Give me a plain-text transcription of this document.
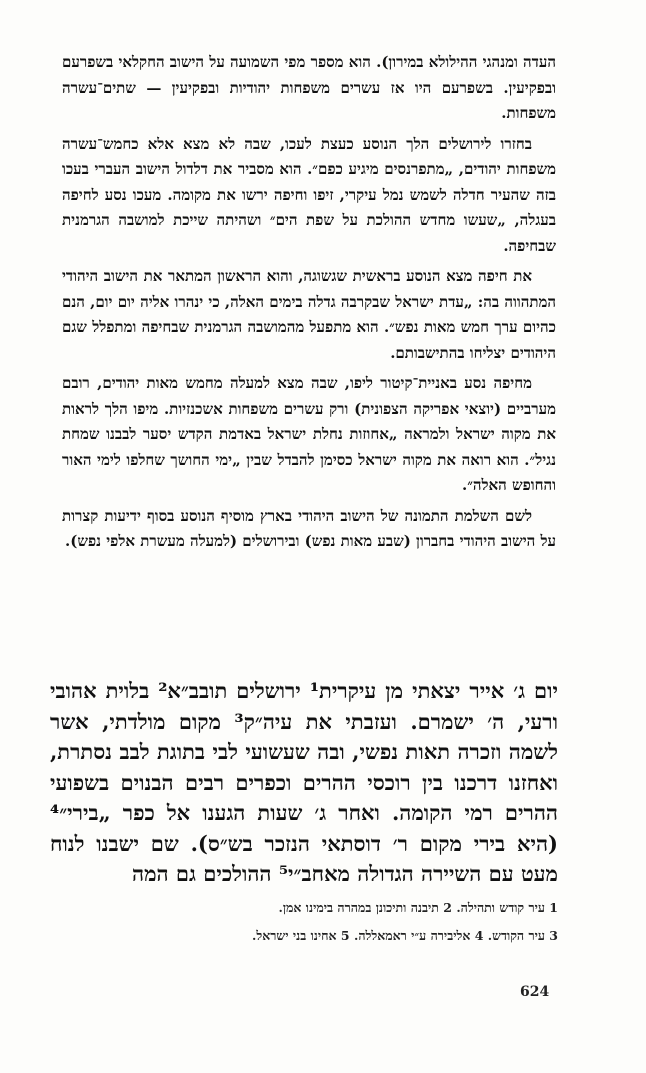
העדה ומנהגי ההילולא במירון). הוא מספר מפי השמועה על הישוב החקלאי בשפרעם ובפקיעין. בשפרעם היו אז עשרים משפחות יהודיות ובפקיעין — שתים־עשרה משפחות.

בחזרו לירושלים הלך הנוסע כעצת לעכו, שבה לא מצא אלא כחמש־עשרה משפחות יהודים, „מתפרנסים מיגיע כפם״. הוא מסביר את דלדול הישוב העברי בעכו בזה שהעיר חדלה לשמש נמל עיקרי, זיפו וחיפה ירשו את מקומה. מעכו נסע לחיפה בעגלה, „שעשו מחדש ההולכת על שפת הים״ ושהיתה שייכת למושבה הגרמנית שבחיפה.

את חיפה מצא הנוסע בראשית שגשוגה, והוא הראשון המתאר את הישוב היהודי המתהווה בה: „עדת ישראל שבקרבה גדלה בימים האלה, כי ינהרו אליה יום יום, הנם כהיום ערך חמש מאות נפש״. הוא מתפעל מהמושבה הגרמנית שבחיפה ומתפלל שגם היהודים יצליחו בהתישבותם.

מחיפה נסע באניית־קיטור ליפו, שבה מצא למעלה מחמש מאות יהודים, רובם מערביים (יוצאי אפריקה הצפונית) ורק עשרים משפחות אשכנזיות. מיפו הלך לראות את מקוה ישראל ולמראה „אחוזות נחלת ישראל באדמת הקדש יסער לבבנו שמחת נגיל״. הוא רואה את מקוה ישראל כסימן להבדל שבין „ימי החושך שחלפו לימי האור והחופש האלה״.

לשם השלמת התמונה של הישוב היהודי בארץ מוסיף הנוסע בסוף ידיעות קצרות על הישוב היהודי בחברון (שבע מאות נפש) ובירושלים (למעלה מעשרת אלפי נפש).

יום ג׳ אייר יצאתי מן עיקרית¹ ירושלים תובב״א² בלוית אהובי ורעי, ה׳ ישמרם. ועזבתי את עיה״ק³ מקום מולדתי, אשר לשמה וזכרה תאות נפשי, ובה שעשועי לבי בתוגת לבב נסתרת, ואחזנו דרכנו בין רוכסי ההרים וכפרים רבים הבנוים בשפועי ההרים רמי הקומה. ואחר ג׳ שעות הגענו אל כפר „בירי״⁴ (היא בירי מקום ר׳ דוסתאי הנזכר בש״ס). שם ישבנו לנוח מעט עם השיירה הגדולה מאחב״י⁵ ההולכים גם המה

1 עיר קודש ותהילה. 2 תיבנה ותיכונן במהרה בימינו אמן.
3 עיר הקודש. 4 אליבירה ע״י ראמאללה. 5 אחינו בני ישראל.
624
